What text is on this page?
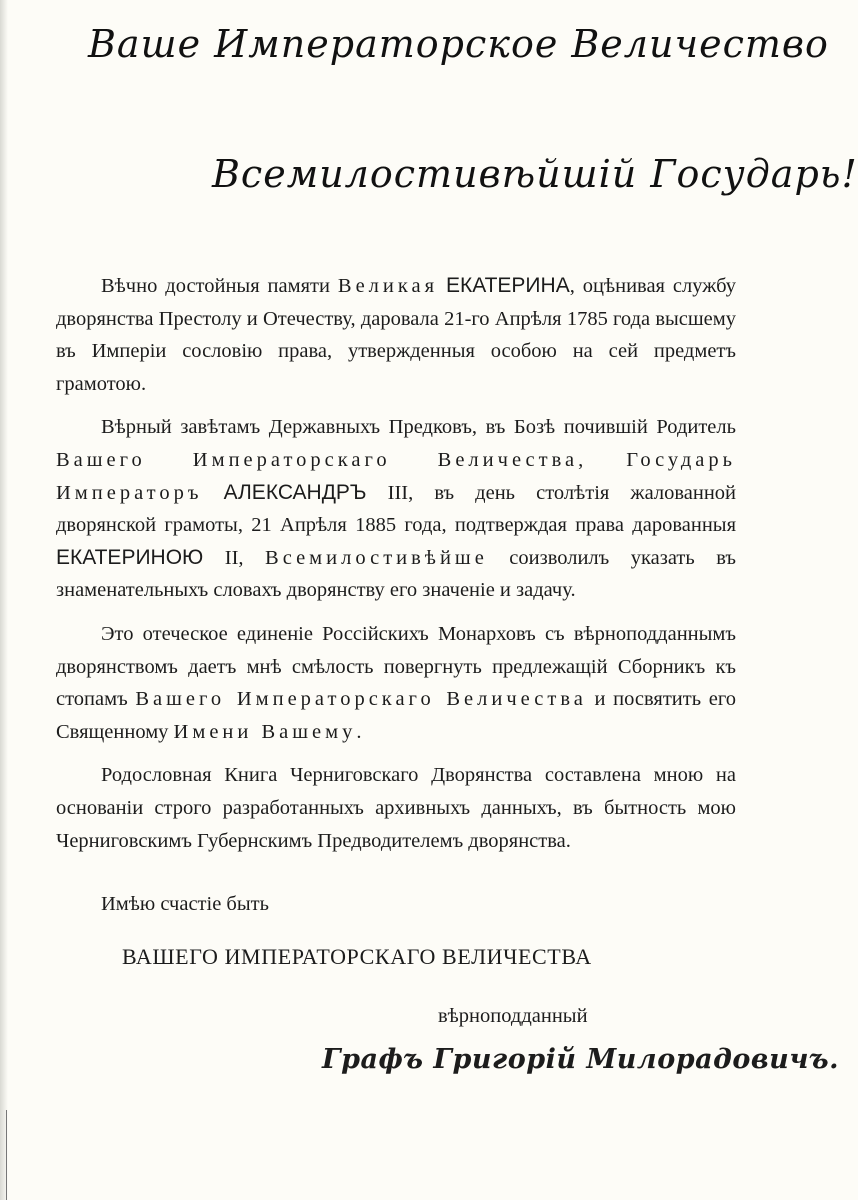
Ваше Императорское Величество
Всемилостивѣйшій Государь!

Вѣчно достойныя памяти Великая ЕКАТЕРИНА, оцѣнивая службу дворянства Престолу и Отечеству, даровала 21-го Апрѣля 1785 года высшему въ Имперіи сословію права, утвержденныя особою на сей предметъ грамотою.

Вѣрный завѣтамъ Державныхъ Предковъ, въ Бозѣ почившій Родитель Вашего Императорскаго Величества, Государь Императоръ АЛЕКСАНДРЪ III, въ день столѣтія жалованной дворянской грамоты, 21 Апрѣля 1885 года, подтверждая права дарованныя ЕКАТЕРИНОЮ II, Всемилостивѣйше соизволилъ указать въ знаменательныхъ словахъ дворянству его значеніе и задачу.

Это отеческое единеніе Россійскихъ Монарховъ съ вѣрноподданнымъ дворянствомъ даетъ мнѣ смѣлость повергнуть предлежащій Сборникъ къ стопамъ Вашего Императорскаго Величества и посвятить его Священному Имени Вашему.

Родословная Книга Черниговскаго Дворянства составлена мною на основаніи строго разработанныхъ архивныхъ данныхъ, въ бытность мою Черниговскимъ Губернскимъ Предводителемъ дворянства.

Имѣю счастіе быть
ВАШЕГО ИМПЕРАТОРСКАГО ВЕЛИЧЕСТВА
вѣрноподданный
Графъ Григорій Милорадовичъ.
